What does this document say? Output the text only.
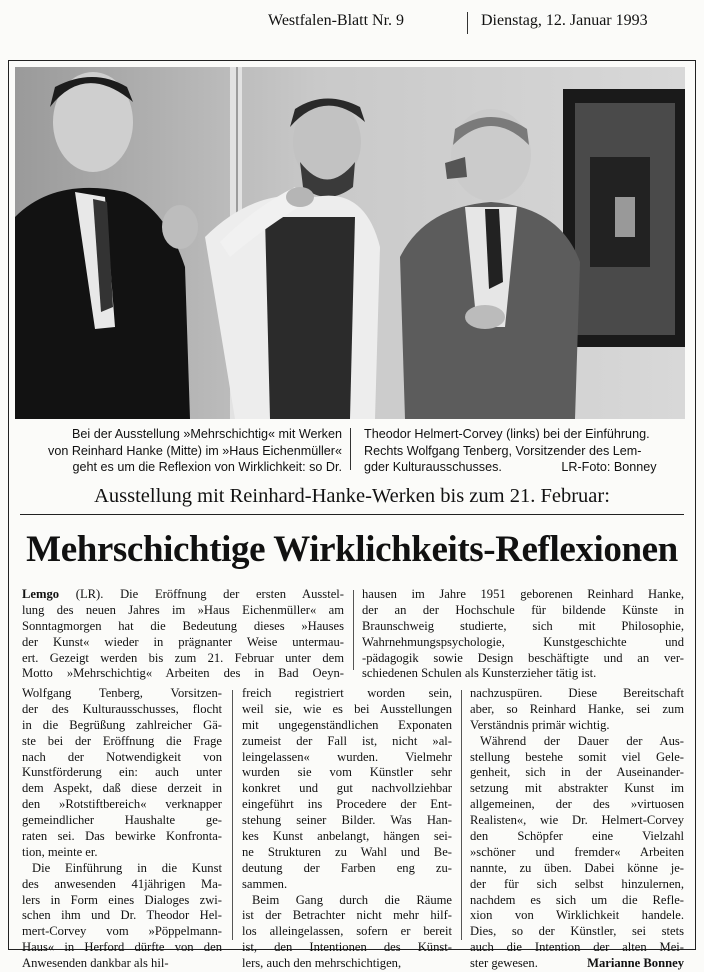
Westfalen-Blatt Nr. 9	Dienstag, 12. Januar 1993
Bei der Ausstellung »Mehrschichtig« mit Werken
von Reinhard Hanke (Mitte) im »Haus Eichenmüller«
geht es um die Reflexion von Wirklichkeit: so Dr.
Theodor Helmert-Corvey (links) bei der Einführung.
Rechts Wolfgang Tenberg, Vorsitzender des Lem-
gder Kulturausschusses.                 LR-Foto: Bonney
Ausstellung mit Reinhard-Hanke-Werken bis zum 21. Februar:
Mehrschichtige Wirklichkeits-Reflexionen
Lemgo (LR). Die Eröffnung der ersten Ausstel-
lung des neuen Jahres im »Haus Eichenmüller« am
Sonntagmorgen hat die Bedeutung dieses »Hauses
der Kunst« wieder in prägnanter Weise untermau-
ert. Gezeigt werden bis zum 21. Februar unter dem
Motto »Mehrschichtig« Arbeiten des in Bad Oeyn-
hausen im Jahre 1951 geborenen Reinhard Hanke,
der an der Hochschule für bildende Künste in
Braunschweig studierte, sich mit Philosophie,
Wahrnehmungspsychologie, Kunstgeschichte und
-pädagogik sowie Design beschäftigte und an ver-
schiedenen Schulen als Kunsterzieher tätig ist.
Wolfgang Tenberg, Vorsitzen-
der des Kulturausschusses, flocht
in die Begrüßung zahlreicher Gä-
ste bei der Eröffnung die Frage
nach der Notwendigkeit von
Kunstförderung ein: auch unter
dem Aspekt, daß diese derzeit in
den »Rotstiftbereich« verknapper
gemeindlicher Haushalte ge-
raten sei. Das bewirke Konfronta-
tion, meinte er.
Die Einführung in die Kunst
des anwesenden 41jährigen Ma-
lers in Form eines Dialoges zwi-
schen ihm und Dr. Theodor Hel-
mert-Corvey vom »Pöppelmann-
Haus« in Herford dürfte von den
Anwesenden dankbar als hil-
freich registriert worden sein,
weil sie, wie es bei Ausstellungen
mit ungegenständlichen Exponaten
zumeist der Fall ist, nicht »al-
leingelassen« wurden. Vielmehr
wurden sie vom Künstler sehr
konkret und gut nachvollziehbar
eingeführt ins Procedere der Ent-
stehung seiner Bilder. Was Han-
kes Kunst anbelangt, hängen sei-
ne Strukturen zu Wahl und Be-
deutung der Farben eng zu-
sammen.
Beim Gang durch die Räume
ist der Betrachter nicht mehr hilf-
los alleingelassen, sofern er bereit
ist, den Intentionen des Künst-
lers, auch den mehrschichtigen,
nachzuspüren. Diese Bereitschaft
aber, so Reinhard Hanke, sei zum
Verständnis primär wichtig.
Während der Dauer der Aus-
stellung bestehe somit viel Gele-
genheit, sich in der Auseinander-
setzung mit abstrakter Kunst im
allgemeinen, der des »virtuosen
Realisten«, wie Dr. Helmert-Corvey
den Schöpfer eine Vielzahl
»schöner und fremder« Arbeiten
nannte, zu üben. Dabei könne je-
der für sich selbst hinzulernen,
nachdem es sich um die Refle-
xion von Wirklichkeit handele.
Dies, so der Künstler, sei stets
auch die Intention der alten Mei-
ster gewesen.	Marianne Bonney
